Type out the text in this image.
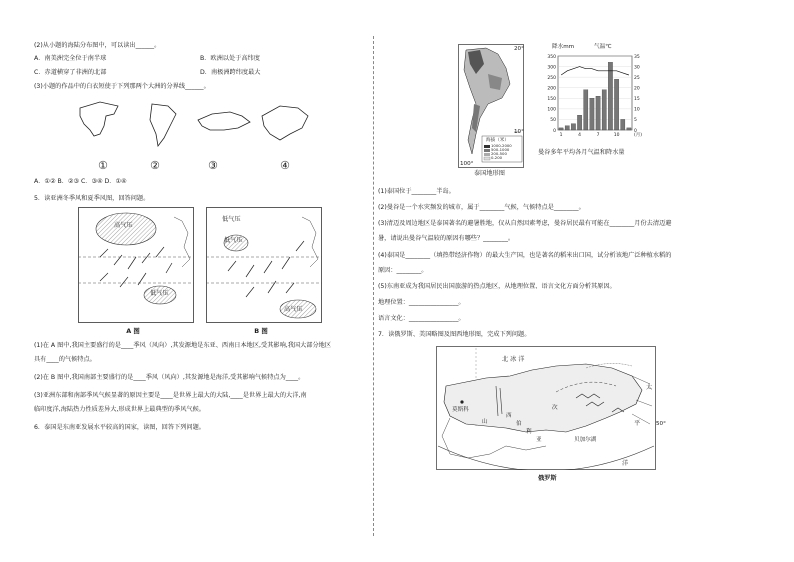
(2)从小题的海陆分布图中，可以读出______。
A．南美洲完全位于南半球	B．欧洲以处于高纬度
C．赤道横穿了非洲的北部	D．南极洲跨纬度最大
(3)小题的作品中的白衣短使于下列那两个大洲的分界线______。
①	②	③	④
A．①② B．②③ C．③④ D．①④
5．读亚洲冬季风和夏季风图，回答问题。
高气压
低气压
A 图
低气压
低气压
高气压
B 图
(1)在 A 图中,我国主要盛行的是____季风（风向）,其发源地是东亚、西南日本地区,受其影响,我国大部分地区
具有____的气候特点。
(2)在 B 图中,我国南部主要盛行的是____季风（风向）,其发源地是海洋,受其影响气候特点为____。
(3)亚洲东部和南部季风气候显著的原因主要是____是世界上最大的大陆,____是世界上最大的大洋,南
临印度洋,海陆热力性质差异大,形成世界上最典型的季风气候。
6．泰国是东南亚发展水平较高的国家，读图，回答下列问题。
20°
10°
100°
海拔（米）
1000-2000
500-1000
200-500
0-200
泰国地形图
降水mm	气温℃
350
300
250
200
150
100
50
0
35
30
25
20
15
10
5
0
1	4	7	10	(月)
曼谷多年平均各月气温和降水量
(1)泰国位于________半岛。
(2)曼谷是一个水灾频发的城市，属于________气候，气候特点是________。
(3)清迈及周边地区是泰国著名的避暑胜地，仅从自然因素考虑，曼谷居民最有可能在________月份去清迈避
暑，请说出曼谷气温较的原因有哪些？________。
(4)泰国是________（填热带经济作物）的最大生产国，也是著名的稻米出口国，试分析该地广泛种植水稻的
原因：________。
(5)东南亚成为我国居民出国旅游的热点地区，从地理位置、语言文化方面分析其原因。
地理位置：________________。
语言文化：________________。
7．读俄罗斯、美国略图及图西地形图，完成下列问题。
北 冰 洋
太
平
洋
50°
莫斯科
山
西
伯
利
亚	贝加尔湖
次
俄罗斯
